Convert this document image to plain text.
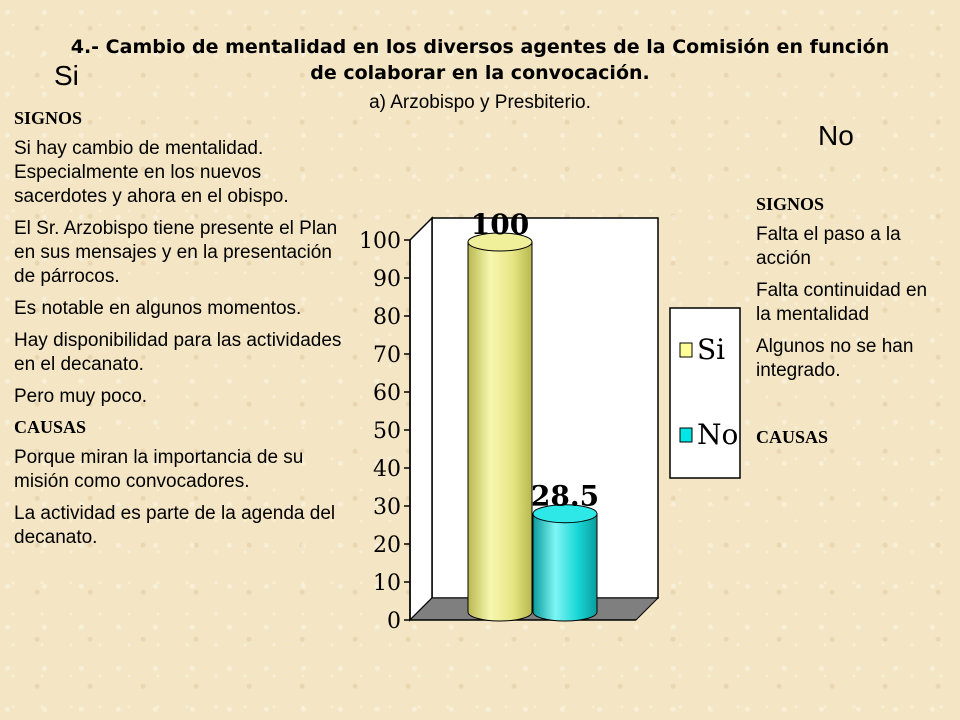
4.- Cambio de mentalidad en los diversos agentes de la Comisión en función de colaborar en la convocación.
a) Arzobispo y Presbiterio.
Si
No
SIGNOS

Si hay cambio de mentalidad. Especialmente en los nuevos sacerdotes y ahora en el obispo.

El Sr. Arzobispo tiene presente el Plan en sus mensajes y en la presentación de párrocos.

Es notable en algunos momentos.

Hay disponibilidad para las actividades en el decanato.

Pero muy poco.

CAUSAS

Porque miran la importancia de su misión como convocadores.

La actividad es parte de la agenda del decanato.

SIGNOS

Falta el paso a la acción

Falta continuidad en la mentalidad

Algunos no se han integrado.

CAUSAS
0
10
20
30
40
50
60
70
80
90
100
100
28.5
Si
No
